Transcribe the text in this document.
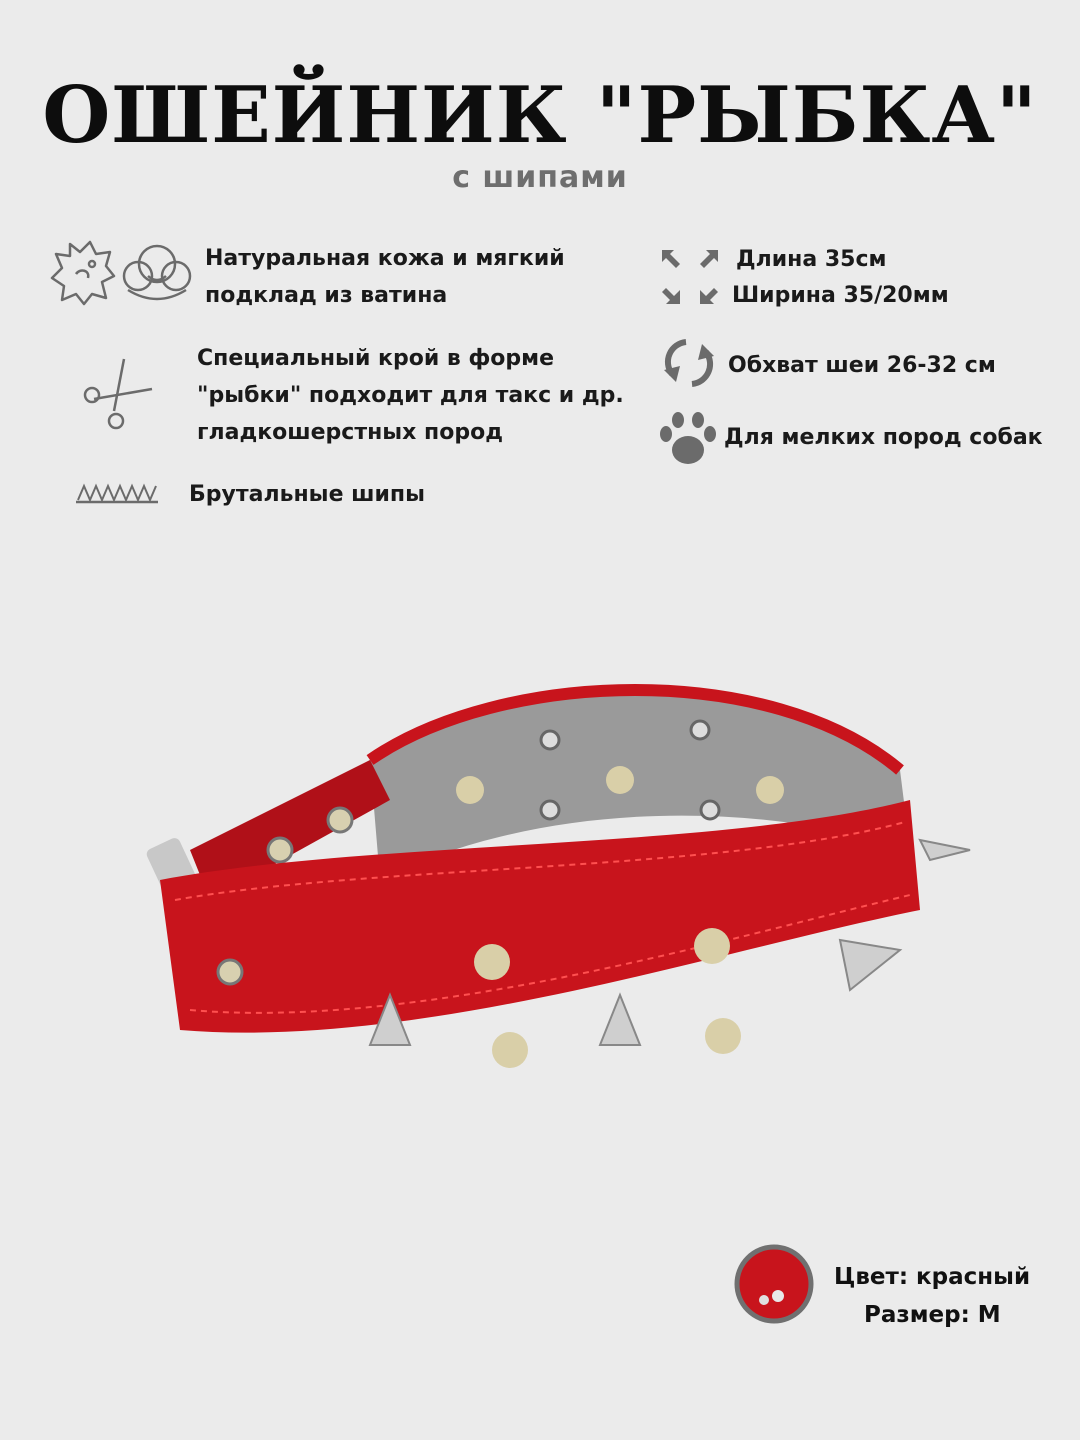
ОШЕЙНИК "РЫБКА"
с шипами
Натуральная кожа и мягкий
подклад из ватина
Специальный крой в форме
"рыбки" подходит для такс и др.
гладкошерстных пород
Брутальные шипы
Длина 35см
Ширина 35/20мм
Обхват шеи 26-32 см
Для мелких пород собак
Цвет: красный
Размер: М
